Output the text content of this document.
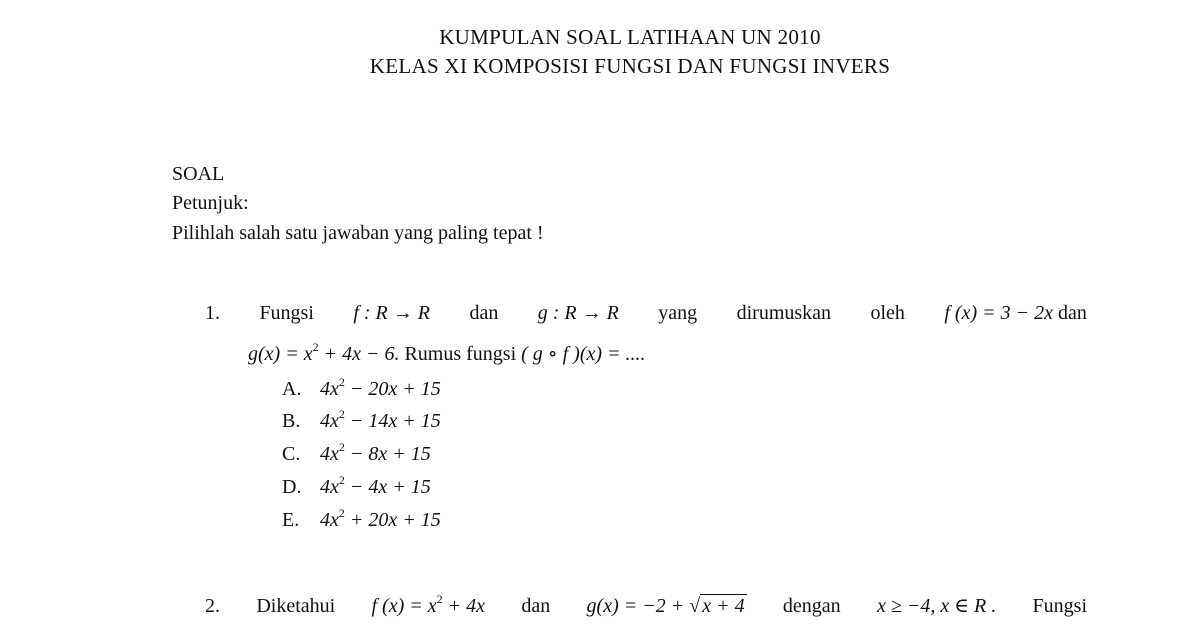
KUMPULAN SOAL LATIHAAN UN 2010
KELAS XI KOMPOSISI FUNGSI DAN FUNGSI INVERS
SOAL
Petunjuk:
Pilihlah salah satu jawaban yang paling tepat !
1. Fungsi f : R → R dan g : R → R yang dirumuskan oleh f (x) = 3 − 2x dan
$g(x) = x^2 + 4x - 6$. Rumus fungsi ( g ∘ f )(x) = ....
A. $4x^2 - 20x + 15$
B. $4x^2 - 14x + 15$
C. $4x^2 - 8x + 15$
D. $4x^2 - 4x + 15$
E. $4x^2 + 20x + 15$
2. Diketahui f $(x) = x^2 + 4x$ dan g(x) = −2 + √ x + 4 dengan x ≥ −4, x ∈ R . Fungsi
